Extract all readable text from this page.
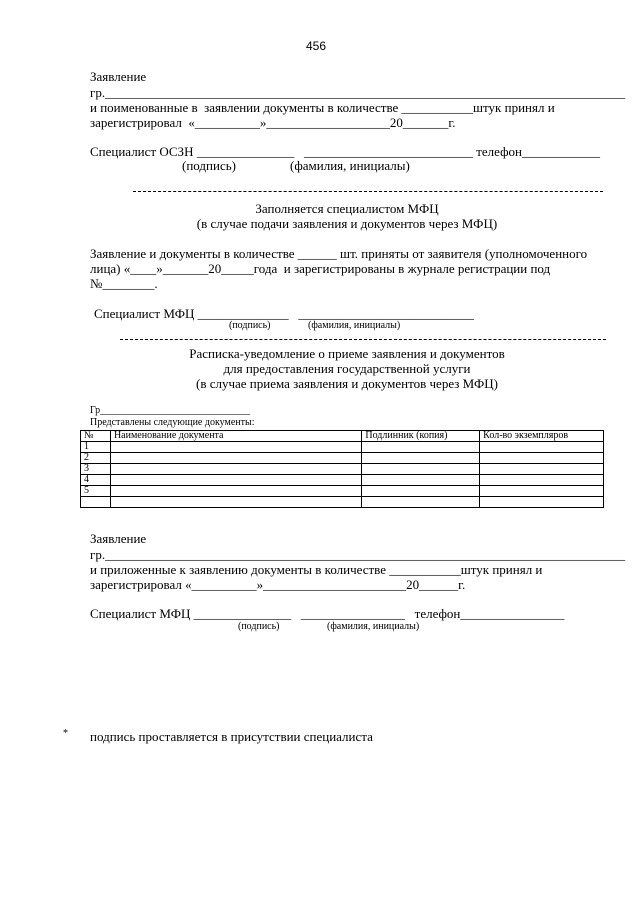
456
Заявление
гр.________________________________________________________________________________
и поименованные в  заявлении документы в количестве ___________штук принял и
зарегистрировал  «__________»___________________20_______г.
Специалист ОСЗН _______________   __________________________ телефон____________
(подпись)	(фамилия, инициалы)
Заполняется специалистом МФЦ
(в случае подачи заявления и документов через МФЦ)
Заявление и документы в количестве ______ шт. приняты от заявителя (уполномоченного
лица) «____»_______20_____года  и зарегистрированы в журнале регистрации под
№________.
Специалист МФЦ ______________   ___________________________
(подпись)	(фамилия, инициалы)
Расписка-уведомление о приеме заявления и документов
для предоставления государственной услуги
(в случае приема заявления и документов через МФЦ)
Гр______________________________
Представлены следующие документы:
№	Наименование документа	Подлинник (копия)	Кол-во экземпляров
1			
2			
3			
4			
5			

Заявление
гр.________________________________________________________________________________
и приложенные к заявлению документы в количестве ___________штук принял и
зарегистрировал «__________»______________________20______г.
Специалист МФЦ _______________   ________________   телефон________________
(подпись)	(фамилия, инициалы)
* подпись проставляется в присутствии специалиста
